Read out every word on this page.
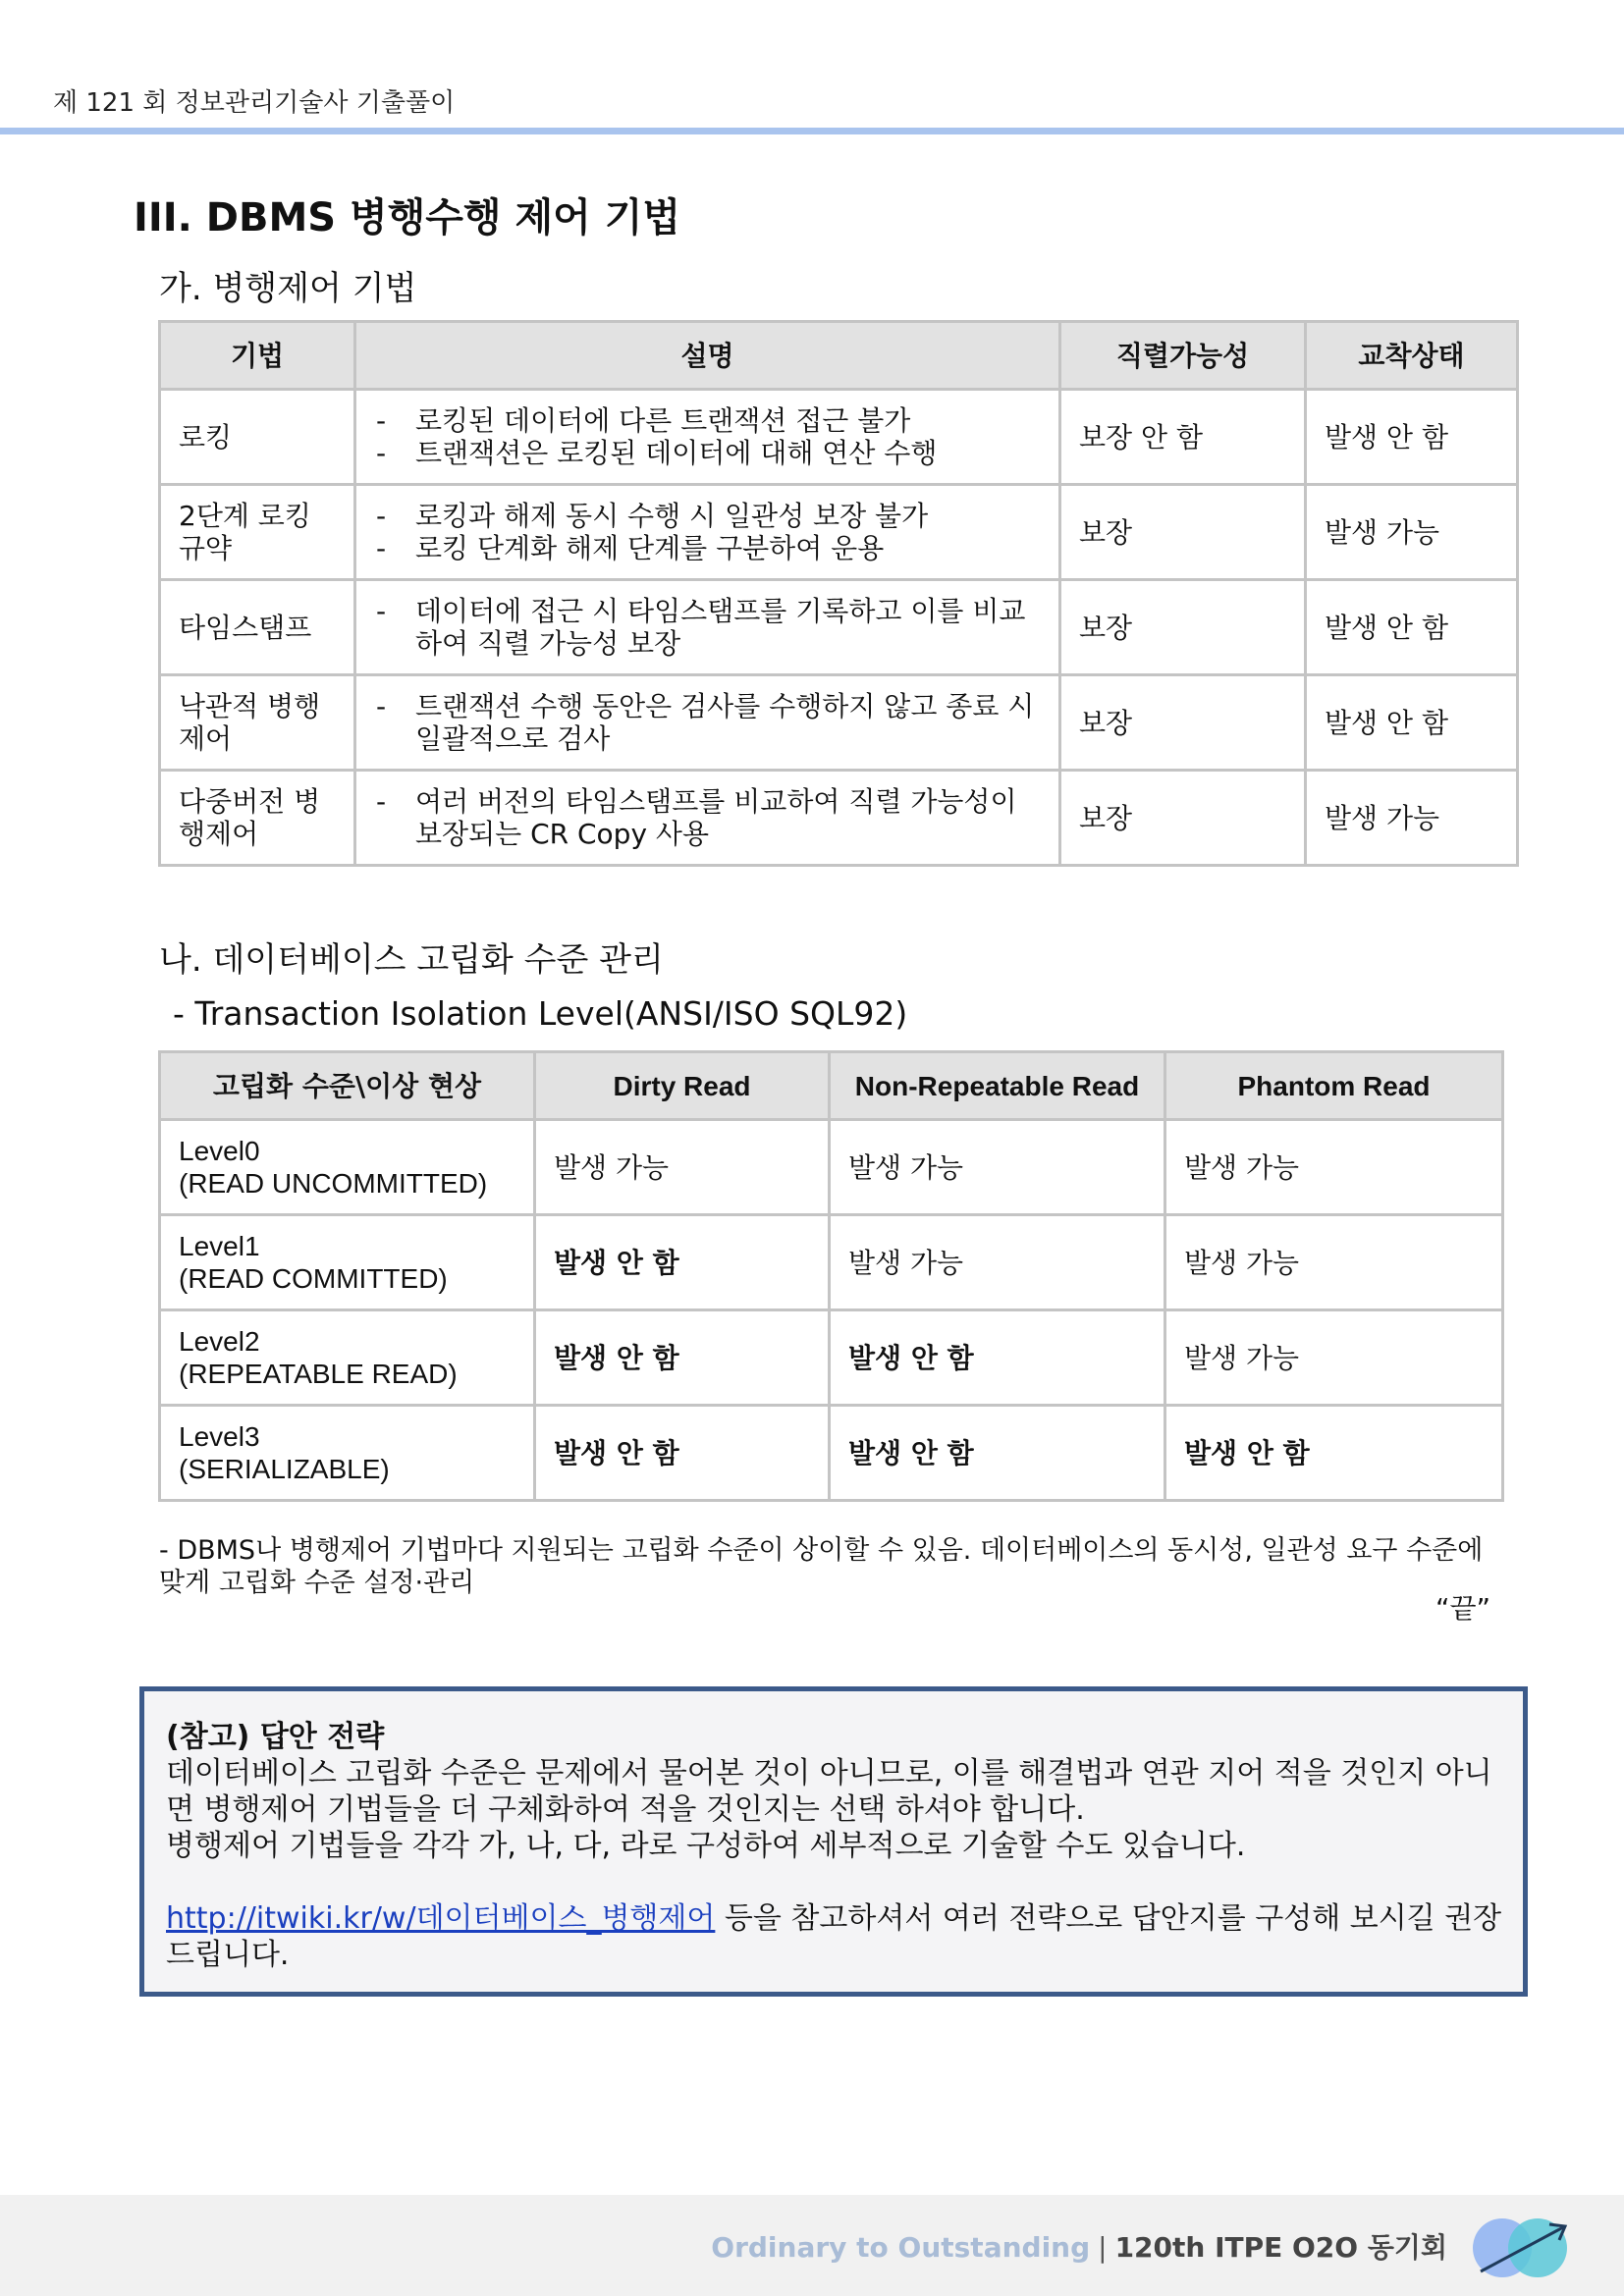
제 121 회 정보관리기술사 기출풀이
III. DBMS 병행수행 제어 기법
가. 병행제어 기법
기법	설명	직렬가능성	교착상태
로킹	- 로킹된 데이터에 다른 트랜잭션 접근 불가
- 트랜잭션은 로킹된 데이터에 대해 연산 수행	보장 안 함	발생 안 함
2단계 로킹 규약	- 로킹과 해제 동시 수행 시 일관성 보장 불가
- 로킹 단계화 해제 단계를 구분하여 운용	보장	발생 가능
타임스탬프	- 데이터에 접근 시 타임스탬프를 기록하고 이를 비교하여 직렬 가능성 보장	보장	발생 안 함
낙관적 병행 제어	- 트랜잭션 수행 동안은 검사를 수행하지 않고 종료 시 일괄적으로 검사	보장	발생 안 함
다중버전 병행제어	- 여러 버전의 타임스탬프를 비교하여 직렬 가능성이 보장되는 CR Copy 사용	보장	발생 가능
나. 데이터베이스 고립화 수준 관리
- Transaction Isolation Level(ANSI/ISO SQL92)
고립화 수준\이상 현상	Dirty Read	Non-Repeatable Read	Phantom Read

Level0
(READ UNCOMMITTED)	발생 가능	발생 가능	발생 가능

Level1
(READ COMMITTED)	발생 안 함	발생 가능	발생 가능

Level2
(REPEATABLE READ)	발생 안 함	발생 안 함	발생 가능

Level3
(SERIALIZABLE)	발생 안 함	발생 안 함	발생 안 함
- DBMS나 병행제어 기법마다 지원되는 고립화 수준이 상이할 수 있음. 데이터베이스의 동시성, 일관성 요구 수준에 맞게 고립화 수준 설정·관리
“끝”
(참고) 답안 전략
데이터베이스 고립화 수준은 문제에서 물어본 것이 아니므로, 이를 해결법과 연관 지어 적을 것인지 아니면 병행제어 기법들을 더 구체화하여 적을 것인지는 선택 하셔야 합니다.
병행제어 기법들을 각각 가, 나, 다, 라로 구성하여 세부적으로 기술할 수도 있습니다.
http://itwiki.kr/w/데이터베이스_병행제어 등을 참고하셔서 여러 전략으로 답안지를 구성해 보시길 권장드립니다.
Ordinary to Outstanding | 120th ITPE O2O 동기회
